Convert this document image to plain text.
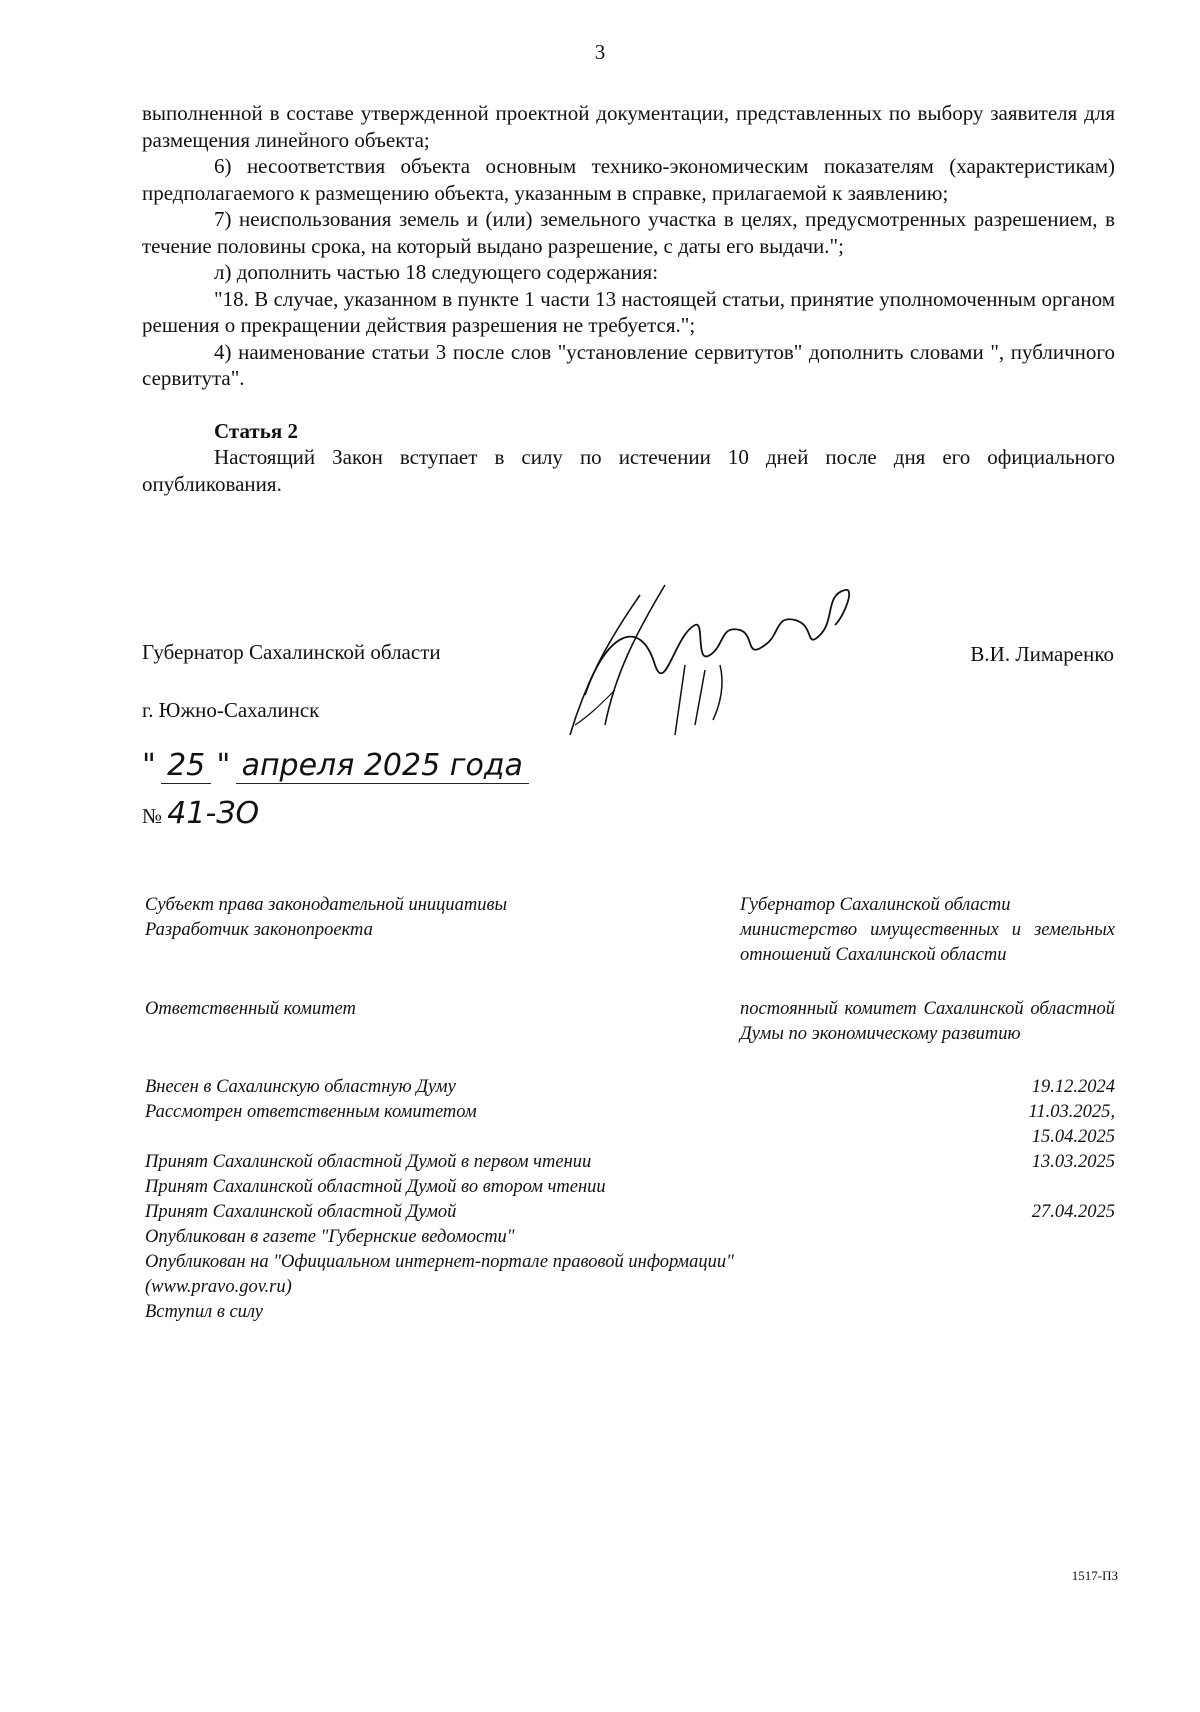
3

выполненной в составе утвержденной проектной документации, представленных по выбору заявителя для размещения линейного объекта;

6) несоответствия объекта основным технико-экономическим показателям (характеристикам) предполагаемого к размещению объекта, указанным в справке, прилагаемой к заявлению;

7) неиспользования земель и (или) земельного участка в целях, предусмотренных разрешением, в течение половины срока, на который выдано разрешение, с даты его выдачи.";

л) дополнить частью 18 следующего содержания:

"18. В случае, указанном в пункте 1 части 13 настоящей статьи, принятие уполномоченным органом решения о прекращении действия разрешения не требуется.";

4) наименование статьи 3 после слов "установление сервитутов" дополнить словами ", публичного сервитута".

Статья 2

Настоящий Закон вступает в силу по истечении 10 дней после дня его официального опубликования.

Губернатор Сахалинской области	В.И. Лимаренко
г. Южно-Сахалинск
" 25 " апреля 2025 года
№ 41-ЗО
Субъект права законодательной инициативы	Губернатор Сахалинской области
Разработчик законопроекта	министерство имущественных и земельных отношений Сахалинской области
Ответственный комитет	постоянный комитет Сахалинской областной Думы по экономическому развитию
Внесен в Сахалинскую областную Думу	19.12.2024
Рассмотрен ответственным комитетом	11.03.2025,
15.04.2025
Принят Сахалинской областной Думой в первом чтении	13.03.2025
Принят Сахалинской областной Думой во втором чтении
Принят Сахалинской областной Думой	27.04.2025
Опубликован в газете "Губернские ведомости"
Опубликован на "Официальном интернет-портале правовой информации" (www.pravo.gov.ru)
Вступил в силу
1517-ПЗ
